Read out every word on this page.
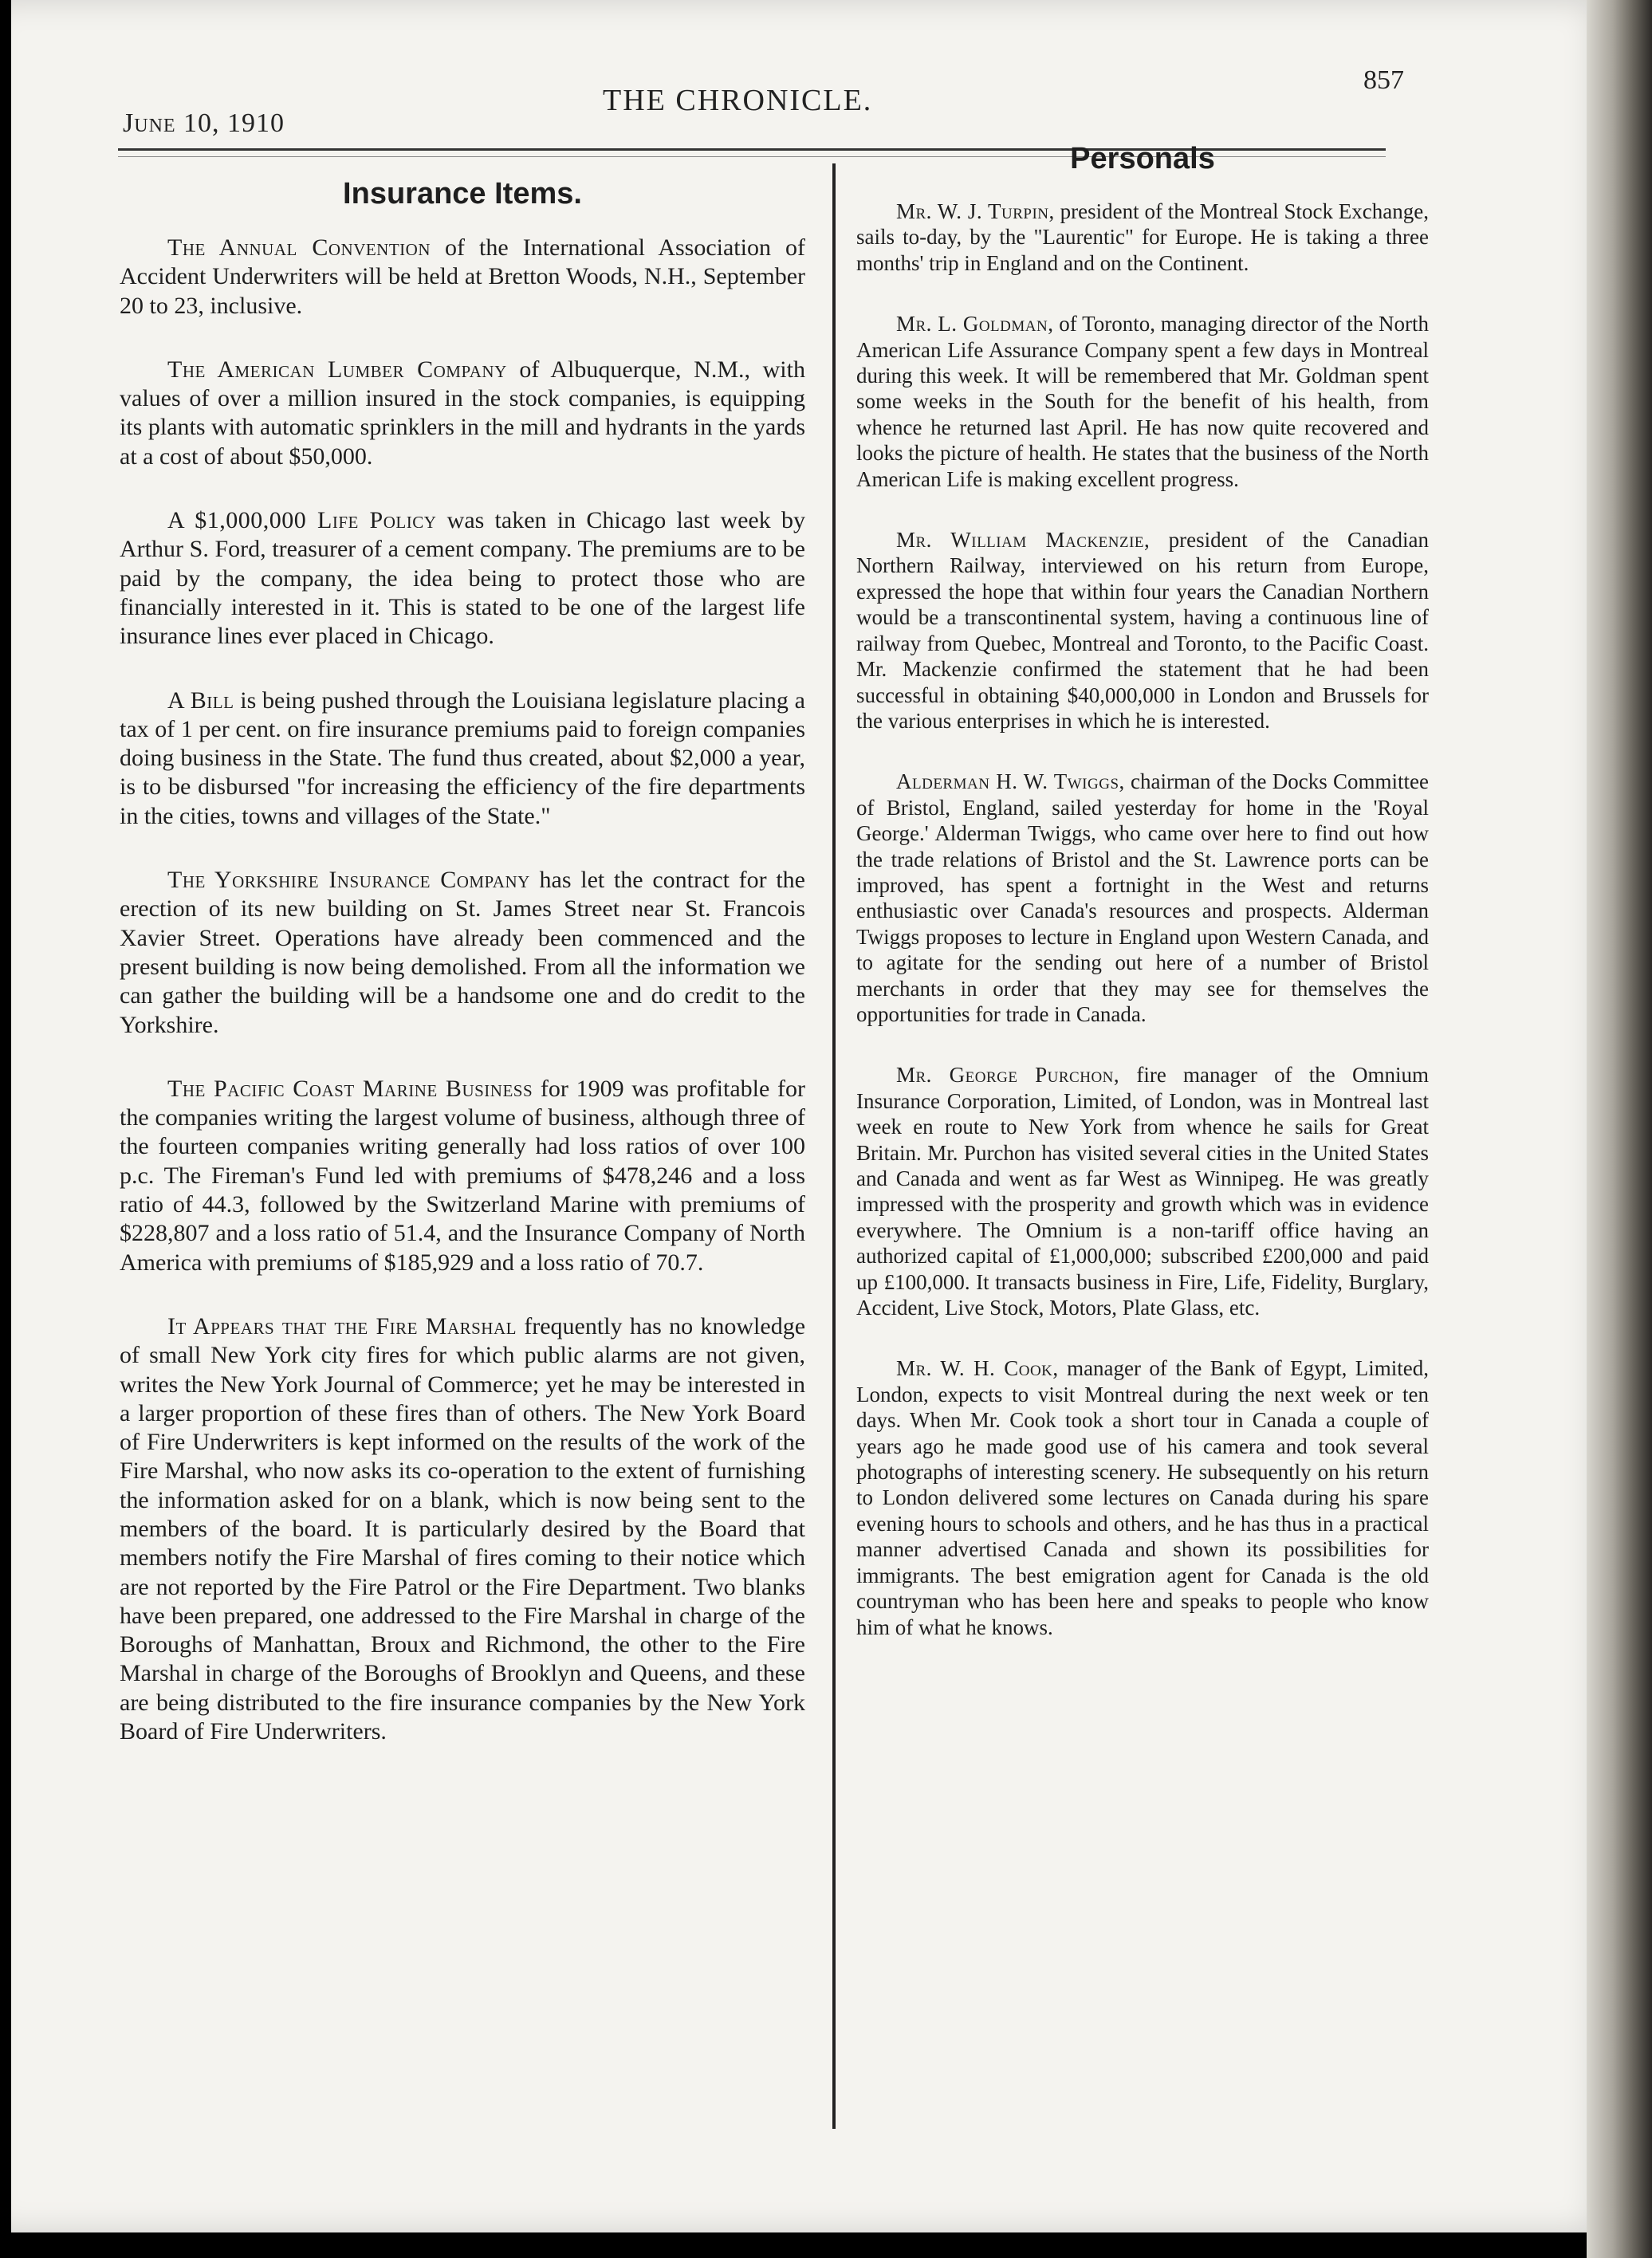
June 10, 1910
THE CHRONICLE.
857
Insurance Items.

The Annual Convention of the International Association of Accident Underwriters will be held at Bretton Woods, N.H., September 20 to 23, inclusive.

The American Lumber Company of Albuquerque, N.M., with values of over a million insured in the stock companies, is equipping its plants with automatic sprinklers in the mill and hydrants in the yards at a cost of about $50,000.

A $1,000,000 Life Policy was taken in Chicago last week by Arthur S. Ford, treasurer of a cement company. The premiums are to be paid by the company, the idea being to protect those who are financially interested in it. This is stated to be one of the largest life insurance lines ever placed in Chicago.

A Bill is being pushed through the Louisiana legislature placing a tax of 1 per cent. on fire insurance premiums paid to foreign companies doing business in the State. The fund thus created, about $2,000 a year, is to be disbursed "for increasing the efficiency of the fire departments in the cities, towns and villages of the State."

The Yorkshire Insurance Company has let the contract for the erection of its new building on St. James Street near St. Francois Xavier Street. Operations have already been commenced and the present building is now being demolished. From all the information we can gather the building will be a handsome one and do credit to the Yorkshire.

The Pacific Coast Marine Business for 1909 was profitable for the companies writing the largest volume of business, although three of the fourteen companies writing generally had loss ratios of over 100 p.c. The Fireman's Fund led with premiums of $478,246 and a loss ratio of 44.3, followed by the Switzerland Marine with premiums of $228,807 and a loss ratio of 51.4, and the Insurance Company of North America with premiums of $185,929 and a loss ratio of 70.7.

It Appears that the Fire Marshal frequently has no knowledge of small New York city fires for which public alarms are not given, writes the New York Journal of Commerce; yet he may be interested in a larger proportion of these fires than of others. The New York Board of Fire Underwriters is kept informed on the results of the work of the Fire Marshal, who now asks its co-operation to the extent of furnishing the information asked for on a blank, which is now being sent to the members of the board. It is particularly desired by the Board that members notify the Fire Marshal of fires coming to their notice which are not reported by the Fire Patrol or the Fire Department. Two blanks have been prepared, one addressed to the Fire Marshal in charge of the Boroughs of Manhattan, Broux and Richmond, the other to the Fire Marshal in charge of the Boroughs of Brooklyn and Queens, and these are being distributed to the fire insurance companies by the New York Board of Fire Underwriters.

Personals

Mr. W. J. Turpin, president of the Montreal Stock Exchange, sails to-day, by the "Laurentic" for Europe. He is taking a three months' trip in England and on the Continent.

Mr. L. Goldman, of Toronto, managing director of the North American Life Assurance Company spent a few days in Montreal during this week. It will be remembered that Mr. Goldman spent some weeks in the South for the benefit of his health, from whence he returned last April. He has now quite recovered and looks the picture of health. He states that the business of the North American Life is making excellent progress.

Mr. William Mackenzie, president of the Canadian Northern Railway, interviewed on his return from Europe, expressed the hope that within four years the Canadian Northern would be a transcontinental system, having a continuous line of railway from Quebec, Montreal and Toronto, to the Pacific Coast. Mr. Mackenzie confirmed the statement that he had been successful in obtaining $40,000,000 in London and Brussels for the various enterprises in which he is interested.

Alderman H. W. Twiggs, chairman of the Docks Committee of Bristol, England, sailed yesterday for home in the 'Royal George.' Alderman Twiggs, who came over here to find out how the trade relations of Bristol and the St. Lawrence ports can be improved, has spent a fortnight in the West and returns enthusiastic over Canada's resources and prospects. Alderman Twiggs proposes to lecture in England upon Western Canada, and to agitate for the sending out here of a number of Bristol merchants in order that they may see for themselves the opportunities for trade in Canada.

Mr. George Purchon, fire manager of the Omnium Insurance Corporation, Limited, of London, was in Montreal last week en route to New York from whence he sails for Great Britain. Mr. Purchon has visited several cities in the United States and Canada and went as far West as Winnipeg. He was greatly impressed with the prosperity and growth which was in evidence everywhere. The Omnium is a non-tariff office having an authorized capital of £1,000,000; subscribed £200,000 and paid up £100,000. It transacts business in Fire, Life, Fidelity, Burglary, Accident, Live Stock, Motors, Plate Glass, etc.

Mr. W. H. Cook, manager of the Bank of Egypt, Limited, London, expects to visit Montreal during the next week or ten days. When Mr. Cook took a short tour in Canada a couple of years ago he made good use of his camera and took several photographs of interesting scenery. He subsequently on his return to London delivered some lectures on Canada during his spare evening hours to schools and others, and he has thus in a practical manner advertised Canada and shown its possibilities for immigrants. The best emigration agent for Canada is the old countryman who has been here and speaks to people who know him of what he knows.
